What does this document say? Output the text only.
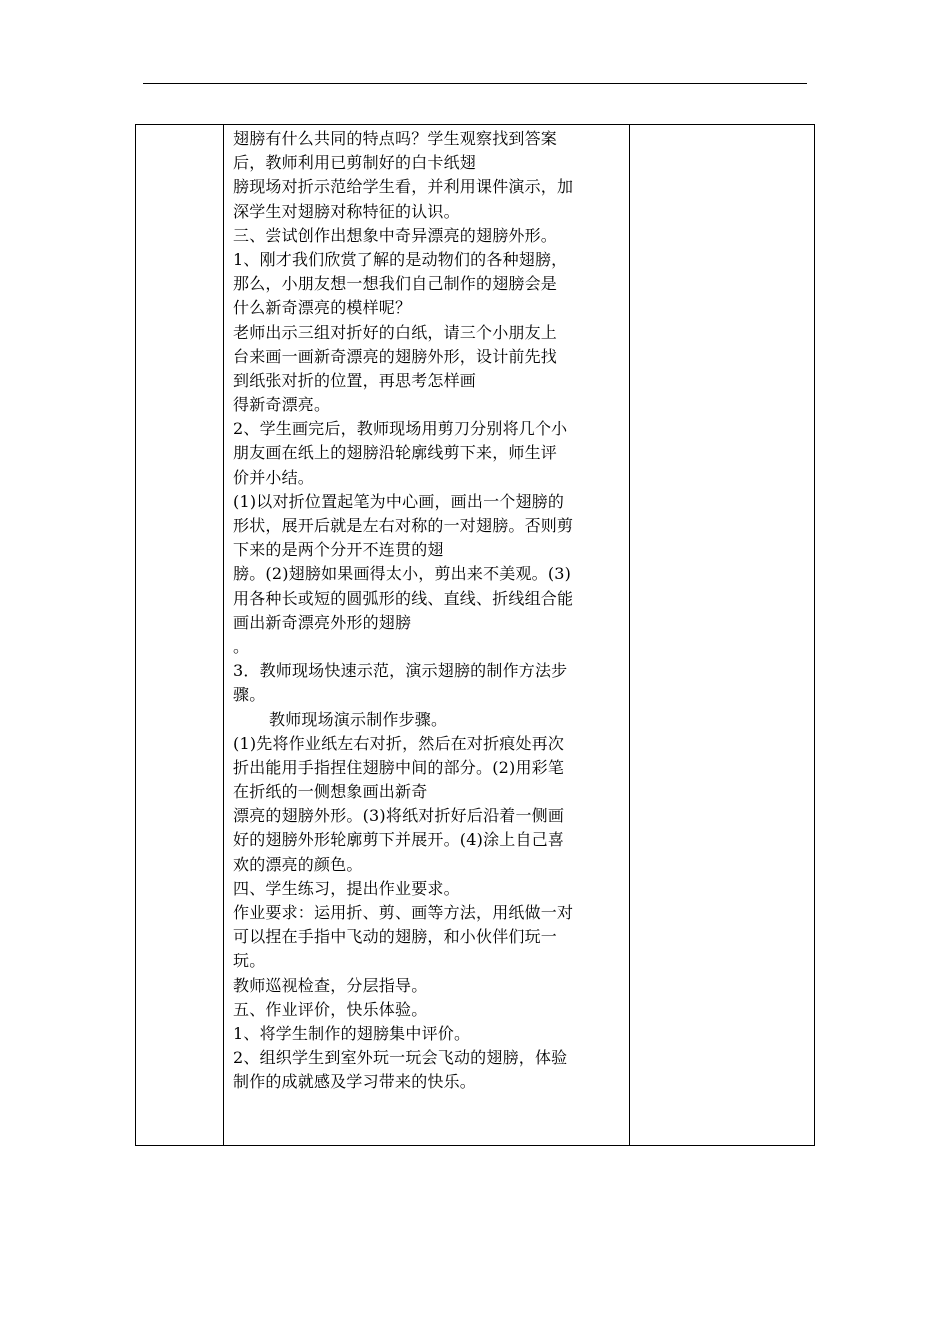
翅膀有什么共同的特点吗？学生观察找到答案
后，教师利用已剪制好的白卡纸翅
膀现场对折示范给学生看，并利用课件演示，加
深学生对翅膀对称特征的认识。
三、尝试创作出想象中奇异漂亮的翅膀外形。
1、刚才我们欣赏了解的是动物们的各种翅膀，
那么，小朋友想一想我们自己制作的翅膀会是
什么新奇漂亮的模样呢？
老师出示三组对折好的白纸，请三个小朋友上
台来画一画新奇漂亮的翅膀外形，设计前先找
到纸张对折的位置，再思考怎样画
得新奇漂亮。
2、学生画完后，教师现场用剪刀分别将几个小
朋友画在纸上的翅膀沿轮廓线剪下来，师生评
价并小结。
(1)以对折位置起笔为中心画，画出一个翅膀的
形状，展开后就是左右对称的一对翅膀。否则剪
下来的是两个分开不连贯的翅
膀。(2)翅膀如果画得太小，剪出来不美观。(3)
用各种长或短的圆弧形的线、直线、折线组合能
画出新奇漂亮外形的翅膀
。
3．教师现场快速示范，演示翅膀的制作方法步
骤。
教师现场演示制作步骤。
(1)先将作业纸左右对折，然后在对折痕处再次
折出能用手指捏住翅膀中间的部分。(2)用彩笔
在折纸的一侧想象画出新奇
漂亮的翅膀外形。(3)将纸对折好后沿着一侧画
好的翅膀外形轮廓剪下并展开。(4)涂上自己喜
欢的漂亮的颜色。
四、学生练习，提出作业要求。
作业要求：运用折、剪、画等方法，用纸做一对
可以捏在手指中飞动的翅膀，和小伙伴们玩一
玩。
教师巡视检查，分层指导。
五、作业评价，快乐体验。
1、将学生制作的翅膀集中评价。
2、组织学生到室外玩一玩会飞动的翅膀，体验
制作的成就感及学习带来的快乐。
